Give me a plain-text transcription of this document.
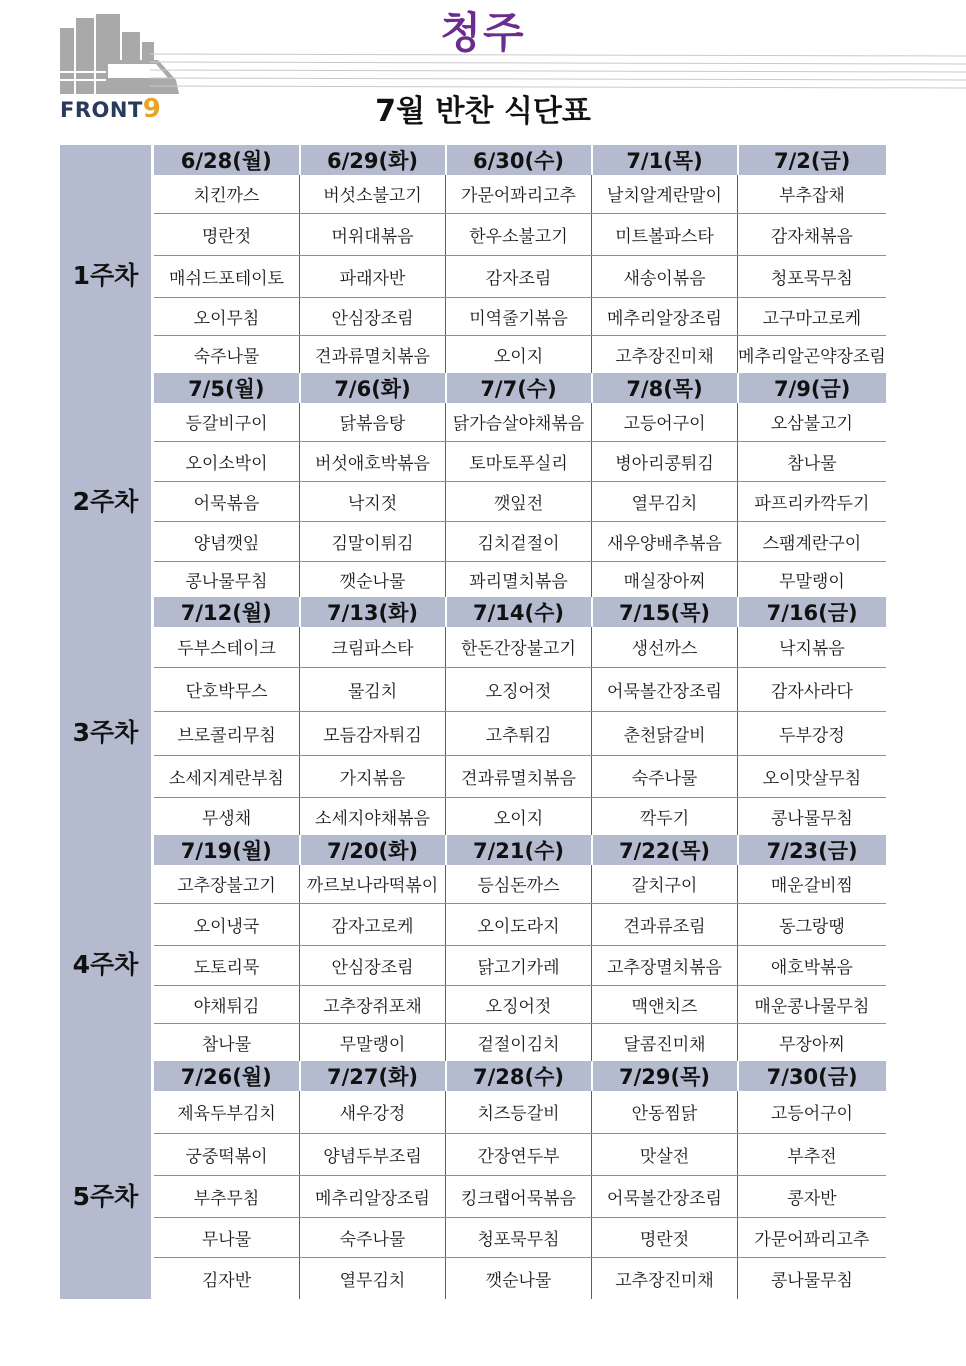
FRONT9
청주
7월 반찬 식단표
		6/28(월)	6/29(화)	6/30(수)	7/1(목)	7/2(금)
1주차		치킨까스	버섯소불고기	가문어꽈리고추	날치알계란말이	부추잡채
		명란젓	머위대볶음	한우소불고기	미트볼파스타	감자채볶음
		매쉬드포테이토	파래자반	감자조림	새송이볶음	청포묵무침
		오이무침	안심장조림	미역줄기볶음	메추리알장조림	고구마고로케
		숙주나물	견과류멸치볶음	오이지	고추장진미채	메추리알곤약장조림
		7/5(월)	7/6(화)	7/7(수)	7/8(목)	7/9(금)
2주차		등갈비구이	닭볶음탕	닭가슴살야채볶음	고등어구이	오삼불고기
		오이소박이	버섯애호박볶음	토마토푸실리	병아리콩튀김	참나물
		어묵볶음	낙지젓	깻잎전	열무김치	파프리카깍두기
		양념깻잎	김말이튀김	김치겉절이	새우양배추볶음	스팸계란구이
		콩나물무침	깻순나물	꽈리멸치볶음	매실장아찌	무말랭이
		7/12(월)	7/13(화)	7/14(수)	7/15(목)	7/16(금)
3주차		두부스테이크	크림파스타	한돈간장불고기	생선까스	낙지볶음
		단호박무스	물김치	오징어젓	어묵볼간장조림	감자사라다
		브로콜리무침	모듬감자튀김	고추튀김	춘천닭갈비	두부강정
		소세지계란부침	가지볶음	견과류멸치볶음	숙주나물	오이맛살무침
		무생채	소세지야채볶음	오이지	깍두기	콩나물무침
		7/19(월)	7/20(화)	7/21(수)	7/22(목)	7/23(금)
4주차		고추장불고기	까르보나라떡볶이	등심돈까스	갈치구이	매운갈비찜
		오이냉국	감자고로케	오이도라지	견과류조림	동그랑땡
		도토리묵	안심장조림	닭고기카레	고추장멸치볶음	애호박볶음
		야채튀김	고추장쥐포채	오징어젓	맥앤치즈	매운콩나물무침
		참나물	무말랭이	겉절이김치	달콤진미채	무장아찌
		7/26(월)	7/27(화)	7/28(수)	7/29(목)	7/30(금)
5주차		제육두부김치	새우강정	치즈등갈비	안동찜닭	고등어구이
		궁중떡볶이	양념두부조림	간장연두부	맛살전	부추전
		부추무침	메추리알장조림	킹크랩어묵볶음	어묵볼간장조림	콩자반
		무나물	숙주나물	청포묵무침	명란젓	가문어꽈리고추
		김자반	열무김치	깻순나물	고추장진미채	콩나물무침
